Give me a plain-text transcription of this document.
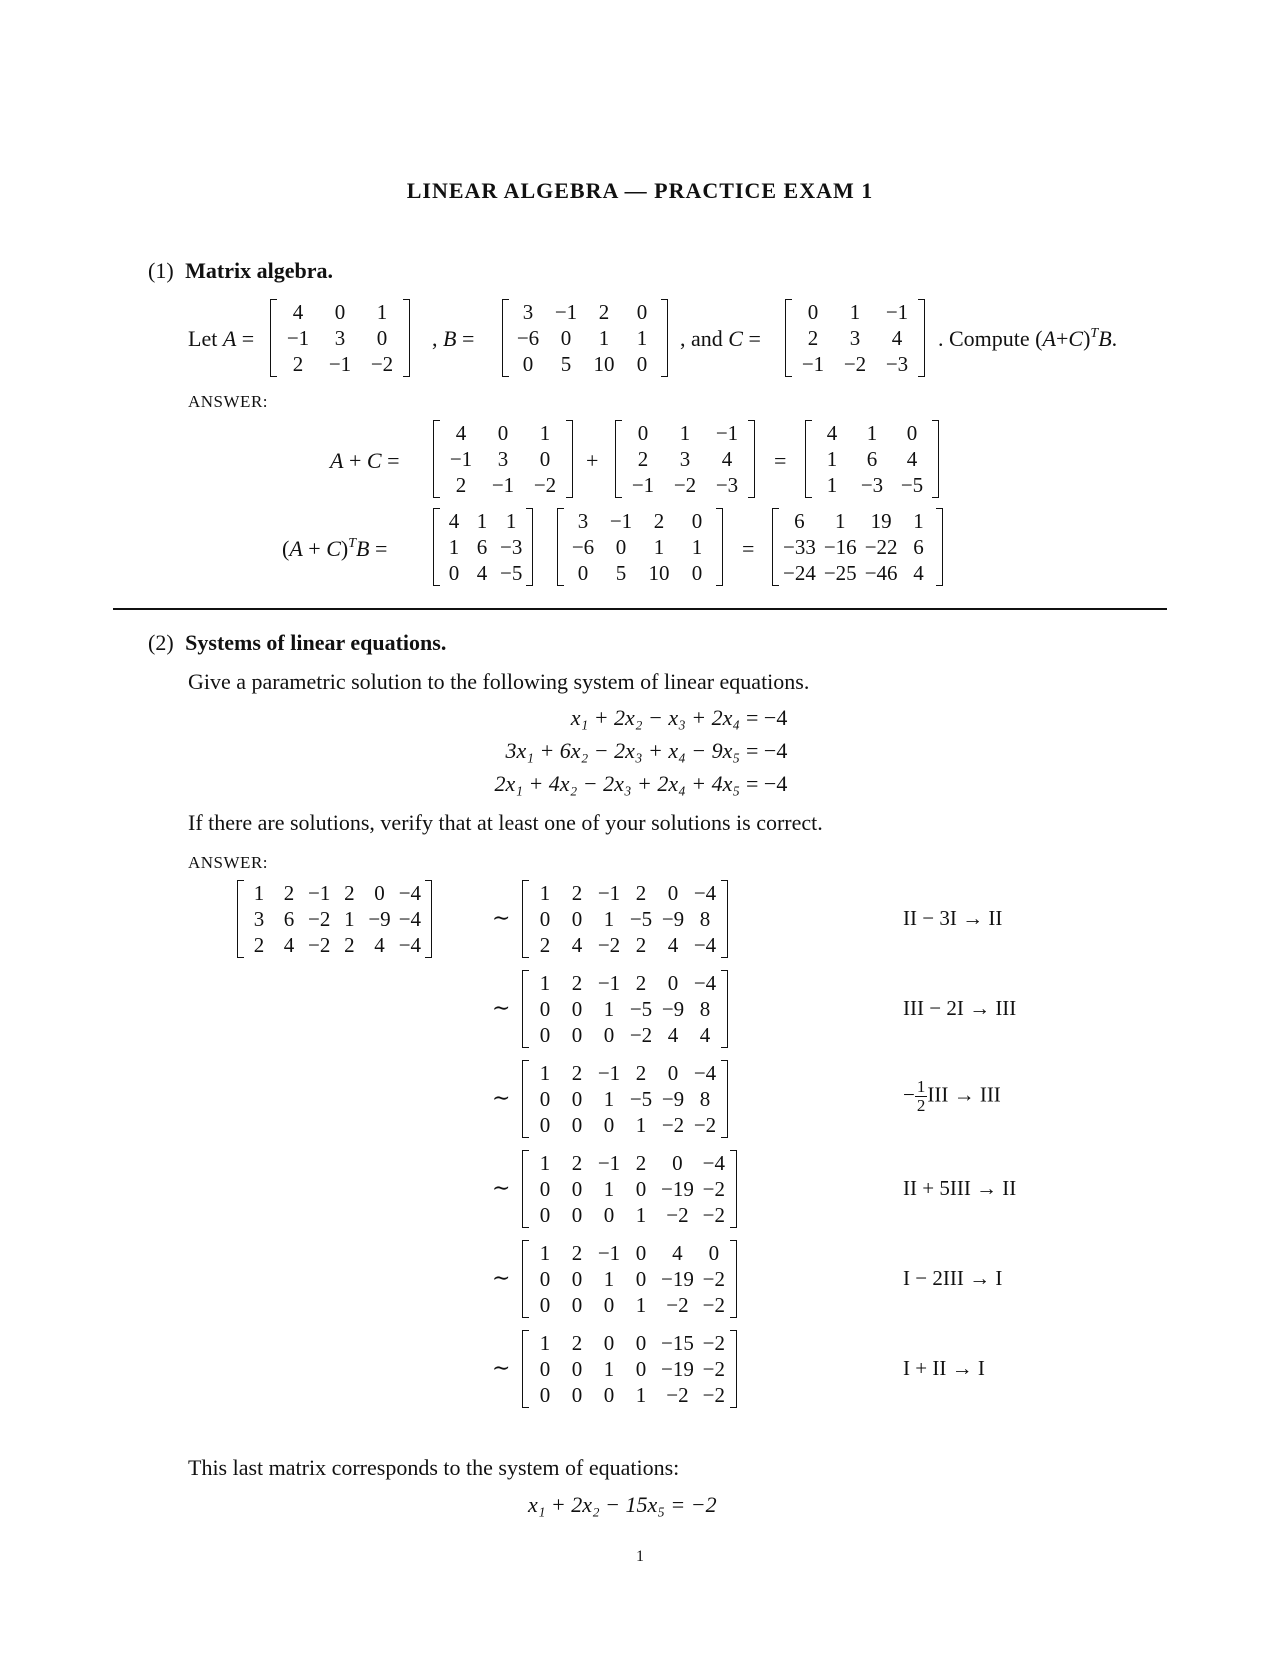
LINEAR ALGEBRA — PRACTICE EXAM 1
(1) Matrix algebra.
Let A =
4	0	1
−1	3	0
2	−1	−2
, B =
3	−1	2	0
−6	0	1	1
0	5	10	0
, and C =
0	1	−1
2	3	4
−1	−2	−3
. Compute $(A+C)^TB$.
ANSWER:
A + C =
4	0	1
−1	3	0
2	−1	−2
+
0	1	−1
2	3	4
−1	−2	−3
=
4	1	0
1	6	4
1	−3	−5
$(A + C)^TB$ =
4	1	1
1	6	−3
0	4	−5
3	−1	2	0
−6	0	1	1
0	5	10	0
=
6	1	19	1
−33	−16	−22	6
−24	−25	−46	4
(2) Systems of linear equations.
Give a parametric solution to the following system of linear equations.
x₁ + 2x₂ − x₃ + 2x₄ = −4
3x₁ + 6x₂ − 2x₃ + x₄ − 9x₅ = −4
2x₁ + 4x₂ − 2x₃ + 2x₄ + 4x₅ = −4
If there are solutions, verify that at least one of your solutions is correct.
ANSWER:
1	2	−1	2	0	−4
3	6	−2	1	−9	−4
2	4	−2	2	4	−4
∼
1	2	−1	2	0	−4
0	0	1	−5	−9	8
2	4	−2	2	4	−4
II − 3I → II
∼
1	2	−1	2	0	−4
0	0	1	−5	−9	8
0	0	0	−2	4	4
III − 2I → III
∼
1	2	−1	2	0	−4
0	0	1	−5	−9	8
0	0	0	1	−2	−2
− $\frac{1}{2}$ III → III
∼
1	2	−1	2	0	−4
0	0	1	0	−19	−2
0	0	0	1	−2	−2
II + 5III → II
∼
1	2	−1	0	4	0
0	0	1	0	−19	−2
0	0	0	1	−2	−2
I − 2III → I
∼
1	2	0	0	−15	−2
0	0	1	0	−19	−2
0	0	0	1	−2	−2
I + II → I
This last matrix corresponds to the system of equations:
x₁ + 2x₂ − 15x₅ = −2
1
